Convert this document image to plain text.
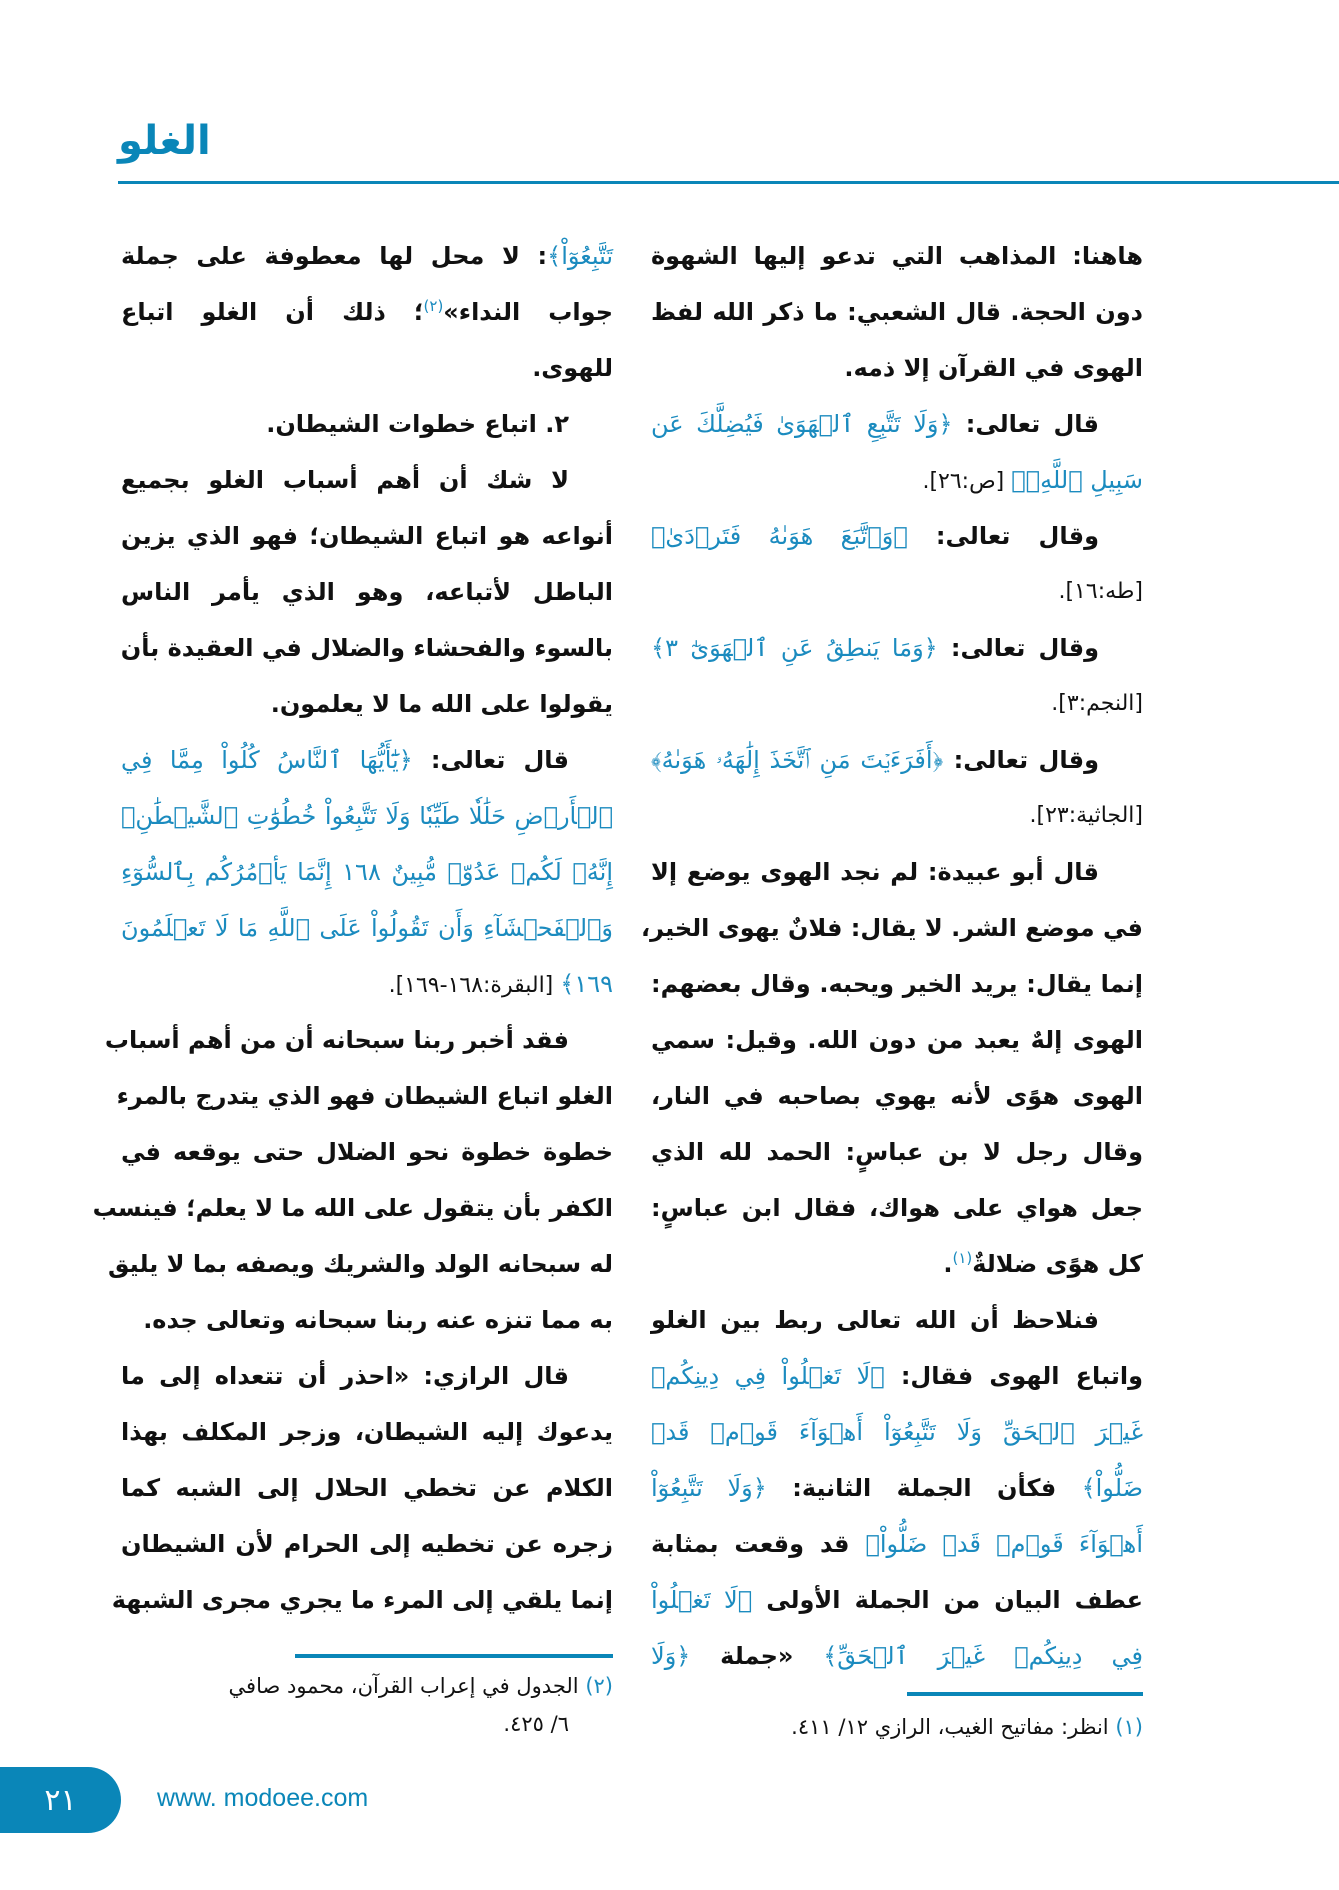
الغلو
هاهنا: المذاهب التي تدعو إليها الشهوة
دون الحجة. قال الشعبي: ما ذكر الله لفظ
الهوى في القرآن إلا ذمه.
قال تعالى: ﴿وَلَا تَتَّبِعِ ٱلۡهَوَىٰ فَيُضِلَّكَ عَن
سَبِيلِ ٱللَّهِۚ﴾ [ص:٢٦].
وقال تعالى: ﴿وَٱتَّبَعَ هَوَىٰهُ فَتَرۡدَىٰ﴾
[طه:١٦].
وقال تعالى: ﴿وَمَا يَنطِقُ عَنِ ٱلۡهَوَىٰٓ ٣﴾
[النجم:٣].
وقال تعالى: ﴿أَفَرَءَيۡتَ مَنِ ٱتَّخَذَ إِلَٰهَهُۥ هَوَىٰهُ﴾
[الجاثية:٢٣].
قال أبو عبيدة: لم نجد الهوى يوضع إلا
في موضع الشر. لا يقال: فلانٌ يهوى الخير،
إنما يقال: يريد الخير ويحبه. وقال بعضهم:
الهوى إلهٌ يعبد من دون الله. وقيل: سمي
الهوى هوًى لأنه يهوي بصاحبه في النار،
وقال رجل لا بن عباسٍ: الحمد لله الذي
جعل هواي على هواك، فقال ابن عباسٍ:
كل هوًى ضلالةٌ$^{(١)}$.
فنلاحظ أن الله تعالى ربط بين الغلو
واتباع الهوى فقال: ﴿لَا تَغۡلُواْ فِي دِينِكُمۡ
غَيۡرَ ٱلۡحَقِّ وَلَا تَتَّبِعُوٓاْ أَهۡوَآءَ قَوۡمٖ قَدۡ
ضَلُّواْ﴾ فكأن الجملة الثانية: ﴿وَلَا تَتَّبِعُوٓاْ
أَهۡوَآءَ قَوۡمٖ قَدۡ ضَلُّواْ﴾ قد وقعت بمثابة
عطف البيان من الجملة الأولى ﴿لَا تَغۡلُواْ
فِي دِينِكُمۡ غَيۡرَ ٱلۡحَقِّ﴾ «جملة ﴿وَلَا
تَتَّبِعُوٓاْ﴾: لا محل لها معطوفة على جملة
جواب النداء»$^{(٢)}$؛ ذلك أن الغلو اتباع
للهوى.
٢. اتباع خطوات الشيطان.
لا شك أن أهم أسباب الغلو بجميع
أنواعه هو اتباع الشيطان؛ فهو الذي يزين
الباطل لأتباعه، وهو الذي يأمر الناس
بالسوء والفحشاء والضلال في العقيدة بأن
يقولوا على الله ما لا يعلمون.
قال تعالى: ﴿يَٰٓأَيُّهَا ٱلنَّاسُ كُلُواْ مِمَّا فِي
ٱلۡأَرۡضِ حَلَٰلٗا طَيِّبٗا وَلَا تَتَّبِعُواْ خُطُوَٰتِ ٱلشَّيۡطَٰنِۚ
إِنَّهُۥ لَكُمۡ عَدُوّٞ مُّبِينٌ ١٦٨ إِنَّمَا يَأۡمُرُكُم بِٱلسُّوٓءِ
وَٱلۡفَحۡشَآءِ وَأَن تَقُولُواْ عَلَى ٱللَّهِ مَا لَا تَعۡلَمُونَ
١٦٩﴾ [البقرة:١٦٨-١٦٩].
فقد أخبر ربنا سبحانه أن من أهم أسباب
الغلو اتباع الشيطان فهو الذي يتدرج بالمرء
خطوة خطوة نحو الضلال حتى يوقعه في
الكفر بأن يتقول على الله ما لا يعلم؛ فينسب
له سبحانه الولد والشريك ويصفه بما لا يليق
به مما تنزه عنه ربنا سبحانه وتعالى جده.
قال الرازي: «احذر أن تتعداه إلى ما
يدعوك إليه الشيطان، وزجر المكلف بهذا
الكلام عن تخطي الحلال إلى الشبه كما
زجره عن تخطيه إلى الحرام لأن الشيطان
إنما يلقي إلى المرء ما يجري مجرى الشبهة
(١) انظر: مفاتيح الغيب، الرازي ١٢/ ٤١١.
(٢) الجدول في إعراب القرآن، محمود صافي
٦/ ٤٢٥.
٢١	www. modoee.com
